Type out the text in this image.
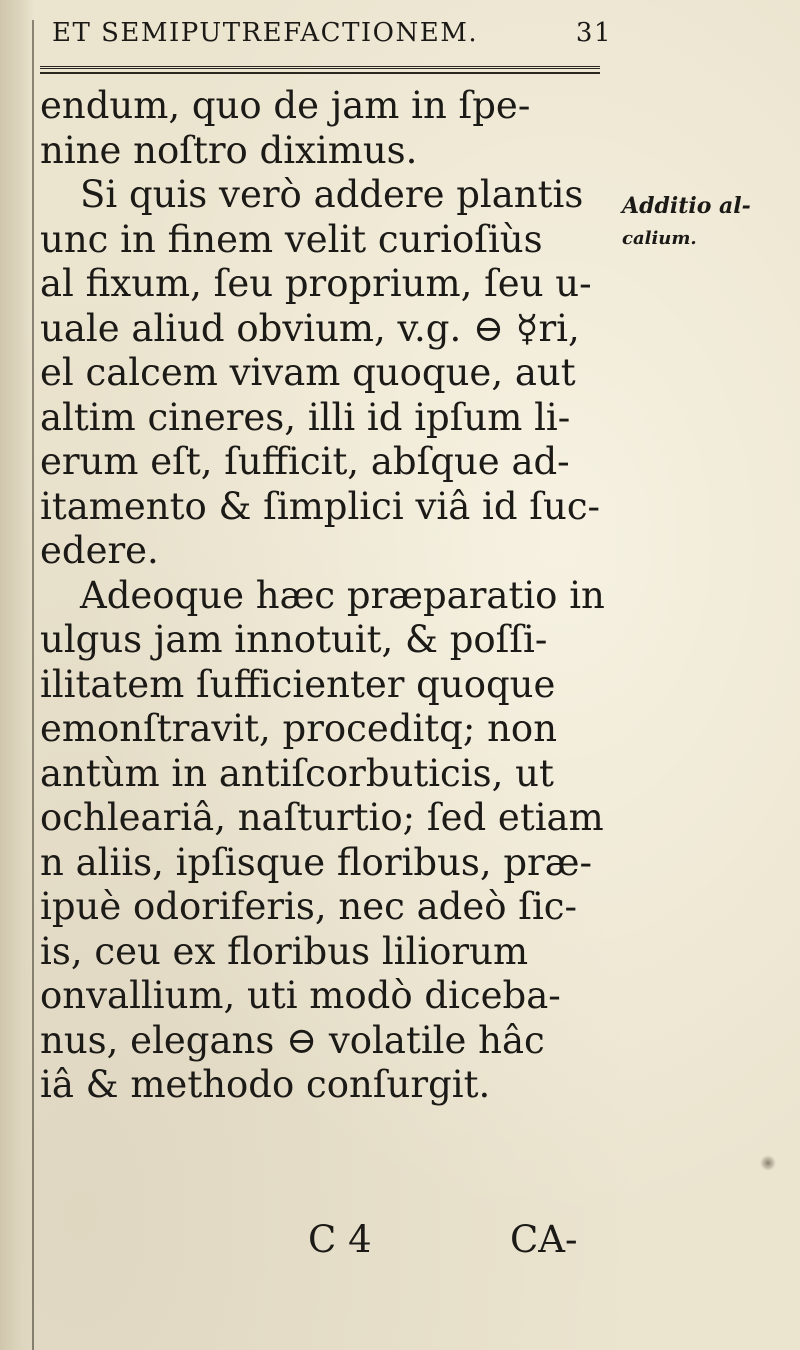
ET SEMIPUTREFACTIONEM.	31
endum, quo de jam in ſpe-
nine noſtro diximus.
Si quis verò addere plantis
unc in finem velit curioſiùs
al fixum, ſeu proprium, ſeu u-
uale aliud obvium, v.g. ⊖ ☿ri,
el calcem vivam quoque, aut
altim cineres, illi id ipſum li-
erum eſt, ſufficit, abſque ad-
itamento & ſimplici viâ id ſuc-
edere.
Adeoque hæc præparatio in
ulgus jam innotuit, & poſſi-
ilitatem ſufficienter quoque
emonſtravit, proceditq; non
antùm in antiſcorbuticis, ut
ochleariâ, naſturtio; ſed etiam
n aliis, ipſisque floribus, præ-
ipuè odoriferis, nec adeò ſic-
is, ceu ex floribus liliorum
onvallium, uti modò diceba-
nus, elegans ⊖ volatile hâc
iâ & methodo conſurgit.
Additio al-
calium.
C 4	CA-
